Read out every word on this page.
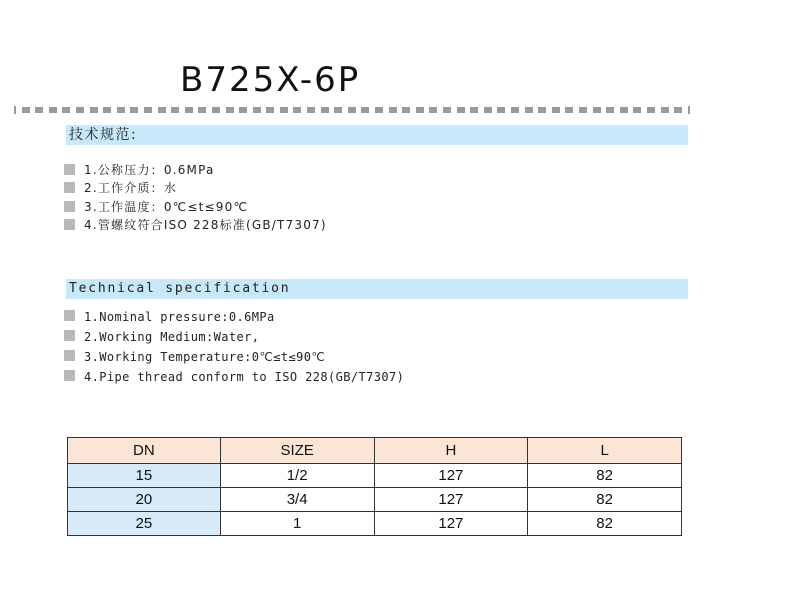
B725X-6P
技术规范:
1.公称压力：0.6MPa
2.工作介质：水
3.工作温度：0℃≤t≤90℃
4.管螺纹符合ISO 228标准(GB/T7307)
Technical specification
1.Nominal pressure:0.6MPa
2.Working Medium:Water,
3.Working Temperature:0℃≤t≤90℃
4.Pipe thread conform to ISO 228(GB/T7307)
DN	SIZE	H	L
15	1/2	127	82
20	3/4	127	82
25	1	127	82
